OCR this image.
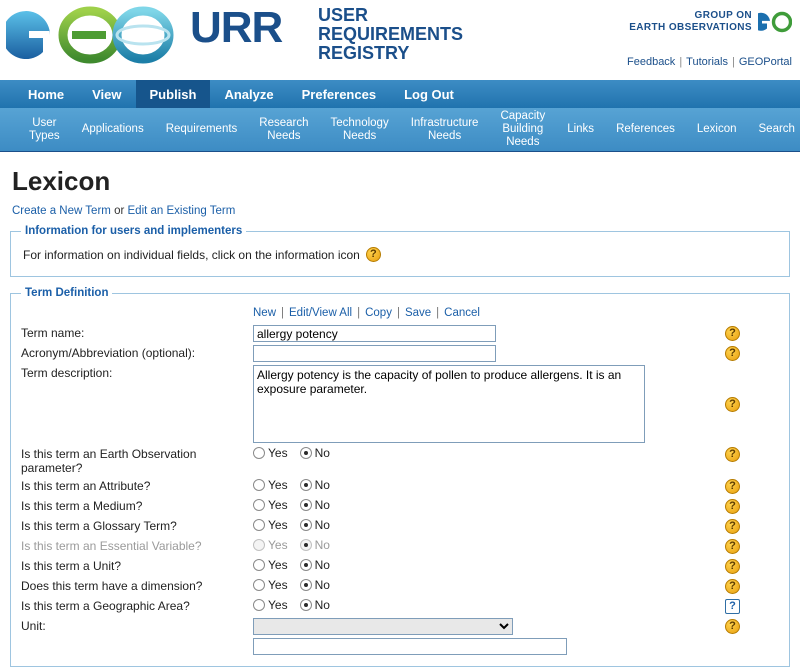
URR USER
REQUIREMENTS
REGISTRY
GROUP ON
EARTH OBSERVATIONS
Feedback | Tutorials | GEOPortal
Home	View	Publish	Analyze	Preferences	Log Out
User
Types
Applications	Requirements
Research
Needs
Technology
Needs
Infrastructure
Needs
Capacity Building
Needs
Links	References	Lexicon	Search
Lexicon
Create a New Term or Edit an Existing Term
Information for users and implementers
For information on individual fields, click on the information icon ?
Term Definition
New | Edit/View All | Copy | Save | Cancel
Term name:
allergy potency	?
Acronym/Abbreviation (optional):	?
Term description:
Allergy potency is the capacity of pollen to produce allergens. It is an exposure parameter.
?
Is this term an Earth Observation parameter?
Yes No	?
Is this term an Attribute?	Yes No	?
Is this term a Medium?	Yes No	?
Is this term a Glossary Term?	Yes No	?
Is this term an Essential Variable?	Yes No	?
Is this term a Unit?	Yes No	?
Does this term have a dimension?	Yes No	?
Is this term a Geographic Area?	Yes No	?
Unit:	?
